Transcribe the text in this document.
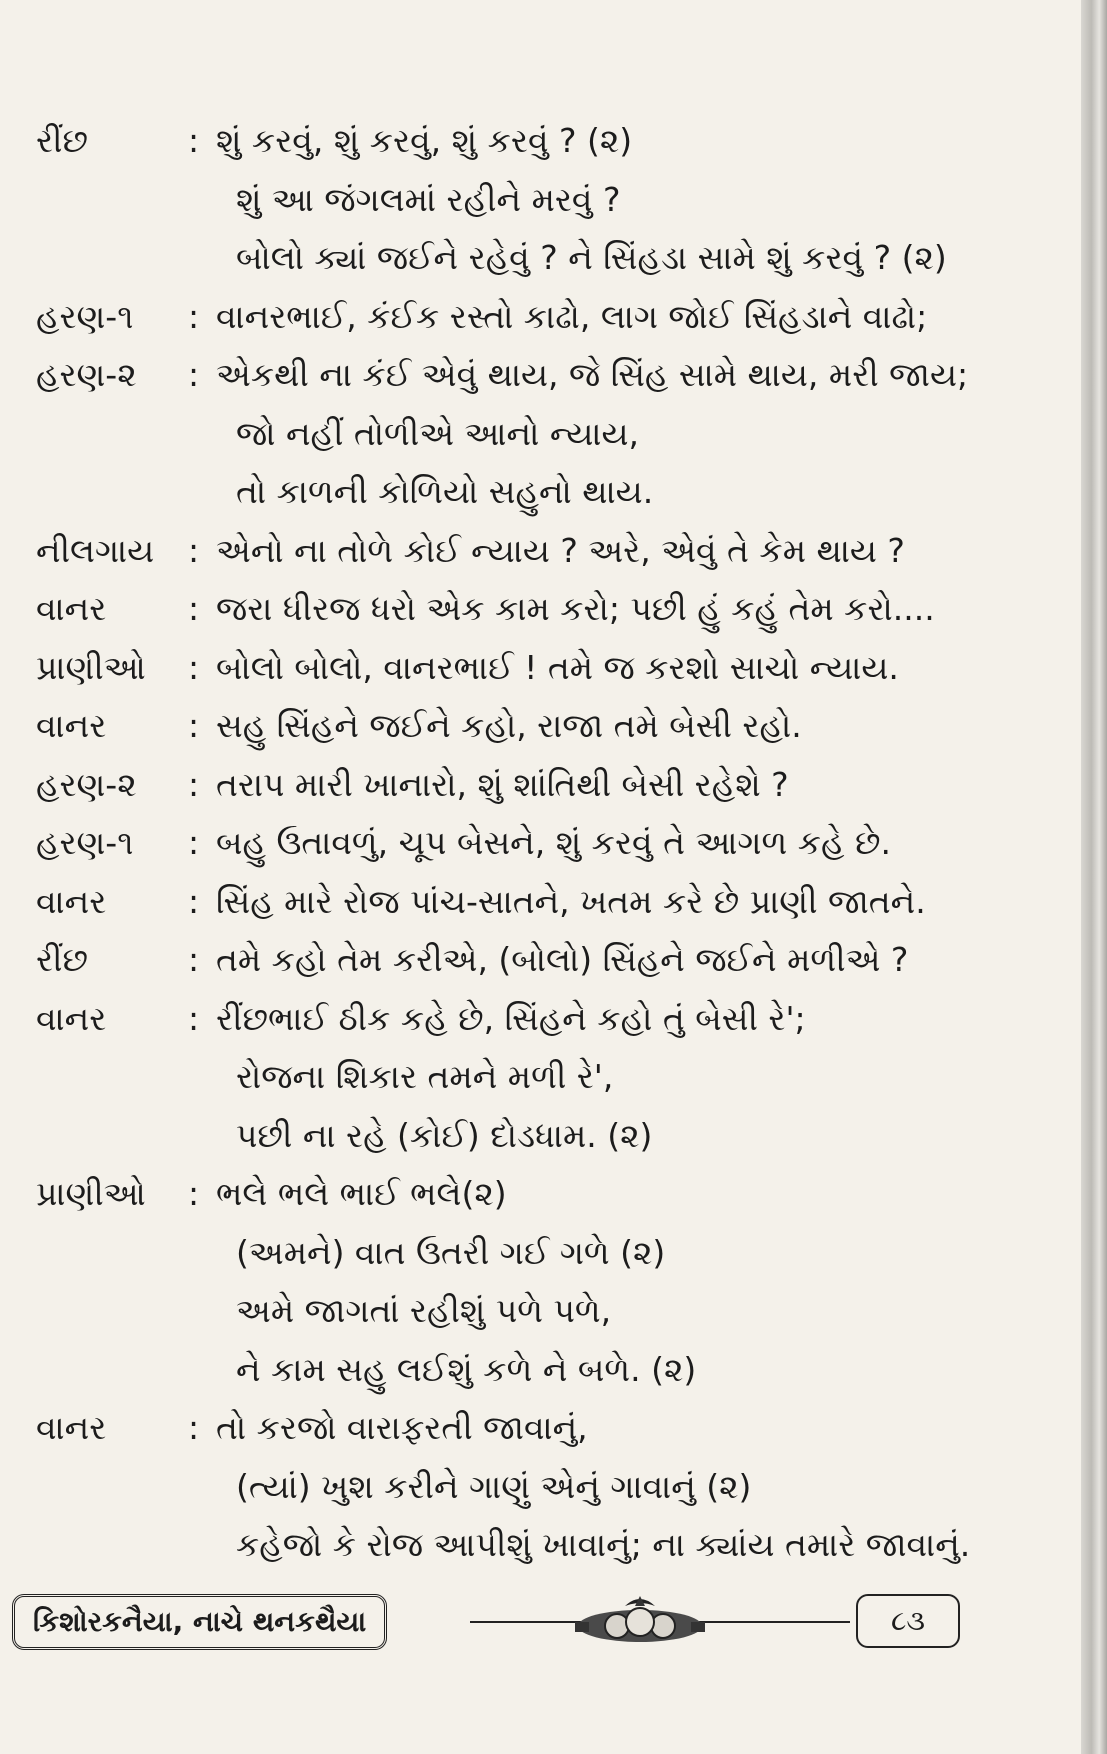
રીંછ	: શું કરવું, શું કરવું, શું કરવું ? (૨)
શું આ જંગલમાં રહીને મરવું ?
બોલો ક્યાં જઈને રહેવું ? ને સિંહડા સામે શું કરવું ? (૨)
હરણ-૧	: વાનરભાઈ, કંઈક રસ્તો કાઢો, લાગ જોઈ સિંહડાને વાઢો;
હરણ-૨	: એકથી ના કંઈ એવું થાય, જે સિંહ સામે થાય, મરી જાય;
જો નહીં તોળીએ આનો ન્યાય,
તો કાળની કોળિયો સહુનો થાય.
નીલગાય	: એનો ના તોળે કોઈ ન્યાય ? અરે, એવું તે કેમ થાય ?
વાનર	: જરા ધીરજ ધરો એક કામ કરો; પછી હું કહું તેમ કરો....
પ્રાણીઓ	: બોલો બોલો, વાનરભાઈ ! તમે જ કરશો સાચો ન્યાય.
વાનર	: સહુ સિંહને જઈને કહો, રાજા તમે બેસી રહો.
હરણ-૨	: તરાપ મારી ખાનારો, શું શાંતિથી બેસી રહેશે ?
હરણ-૧	: બહુ ઉતાવળું, ચૂપ બેસને, શું કરવું તે આગળ કહે છે.
વાનર	: સિંહ મારે રોજ પાંચ-સાતને, ખતમ કરે છે પ્રાણી જાતને.
રીંછ	: તમે કહો તેમ કરીએ, (બોલો) સિંહને જઈને મળીએ ?
વાનર	: રીંછભાઈ ઠીક કહે છે, સિંહને કહો તું બેસી રે';
રોજના શિકાર તમને મળી રે',
પછી ના રહે (કોઈ) દોડધામ. (૨)
પ્રાણીઓ	: ભલે ભલે ભાઈ ભલે(૨)
(અમને) વાત ઉતરી ગઈ ગળે (૨)
અમે જાગતાં રહીશું પળે પળે,
ને કામ સહુ લઈશું કળે ને બળે. (૨)
વાનર	: તો કરજો વારાફરતી જાવાનું,
(ત્યાં) ખુશ કરીને ગાણું એનું ગાવાનું (૨)
કહેજો કે રોજ આપીશું ખાવાનું; ના ક્યાંય તમારે જાવાનું.
કિશોરકનૈયા, નાચે થનકથૈયા	૮૩
